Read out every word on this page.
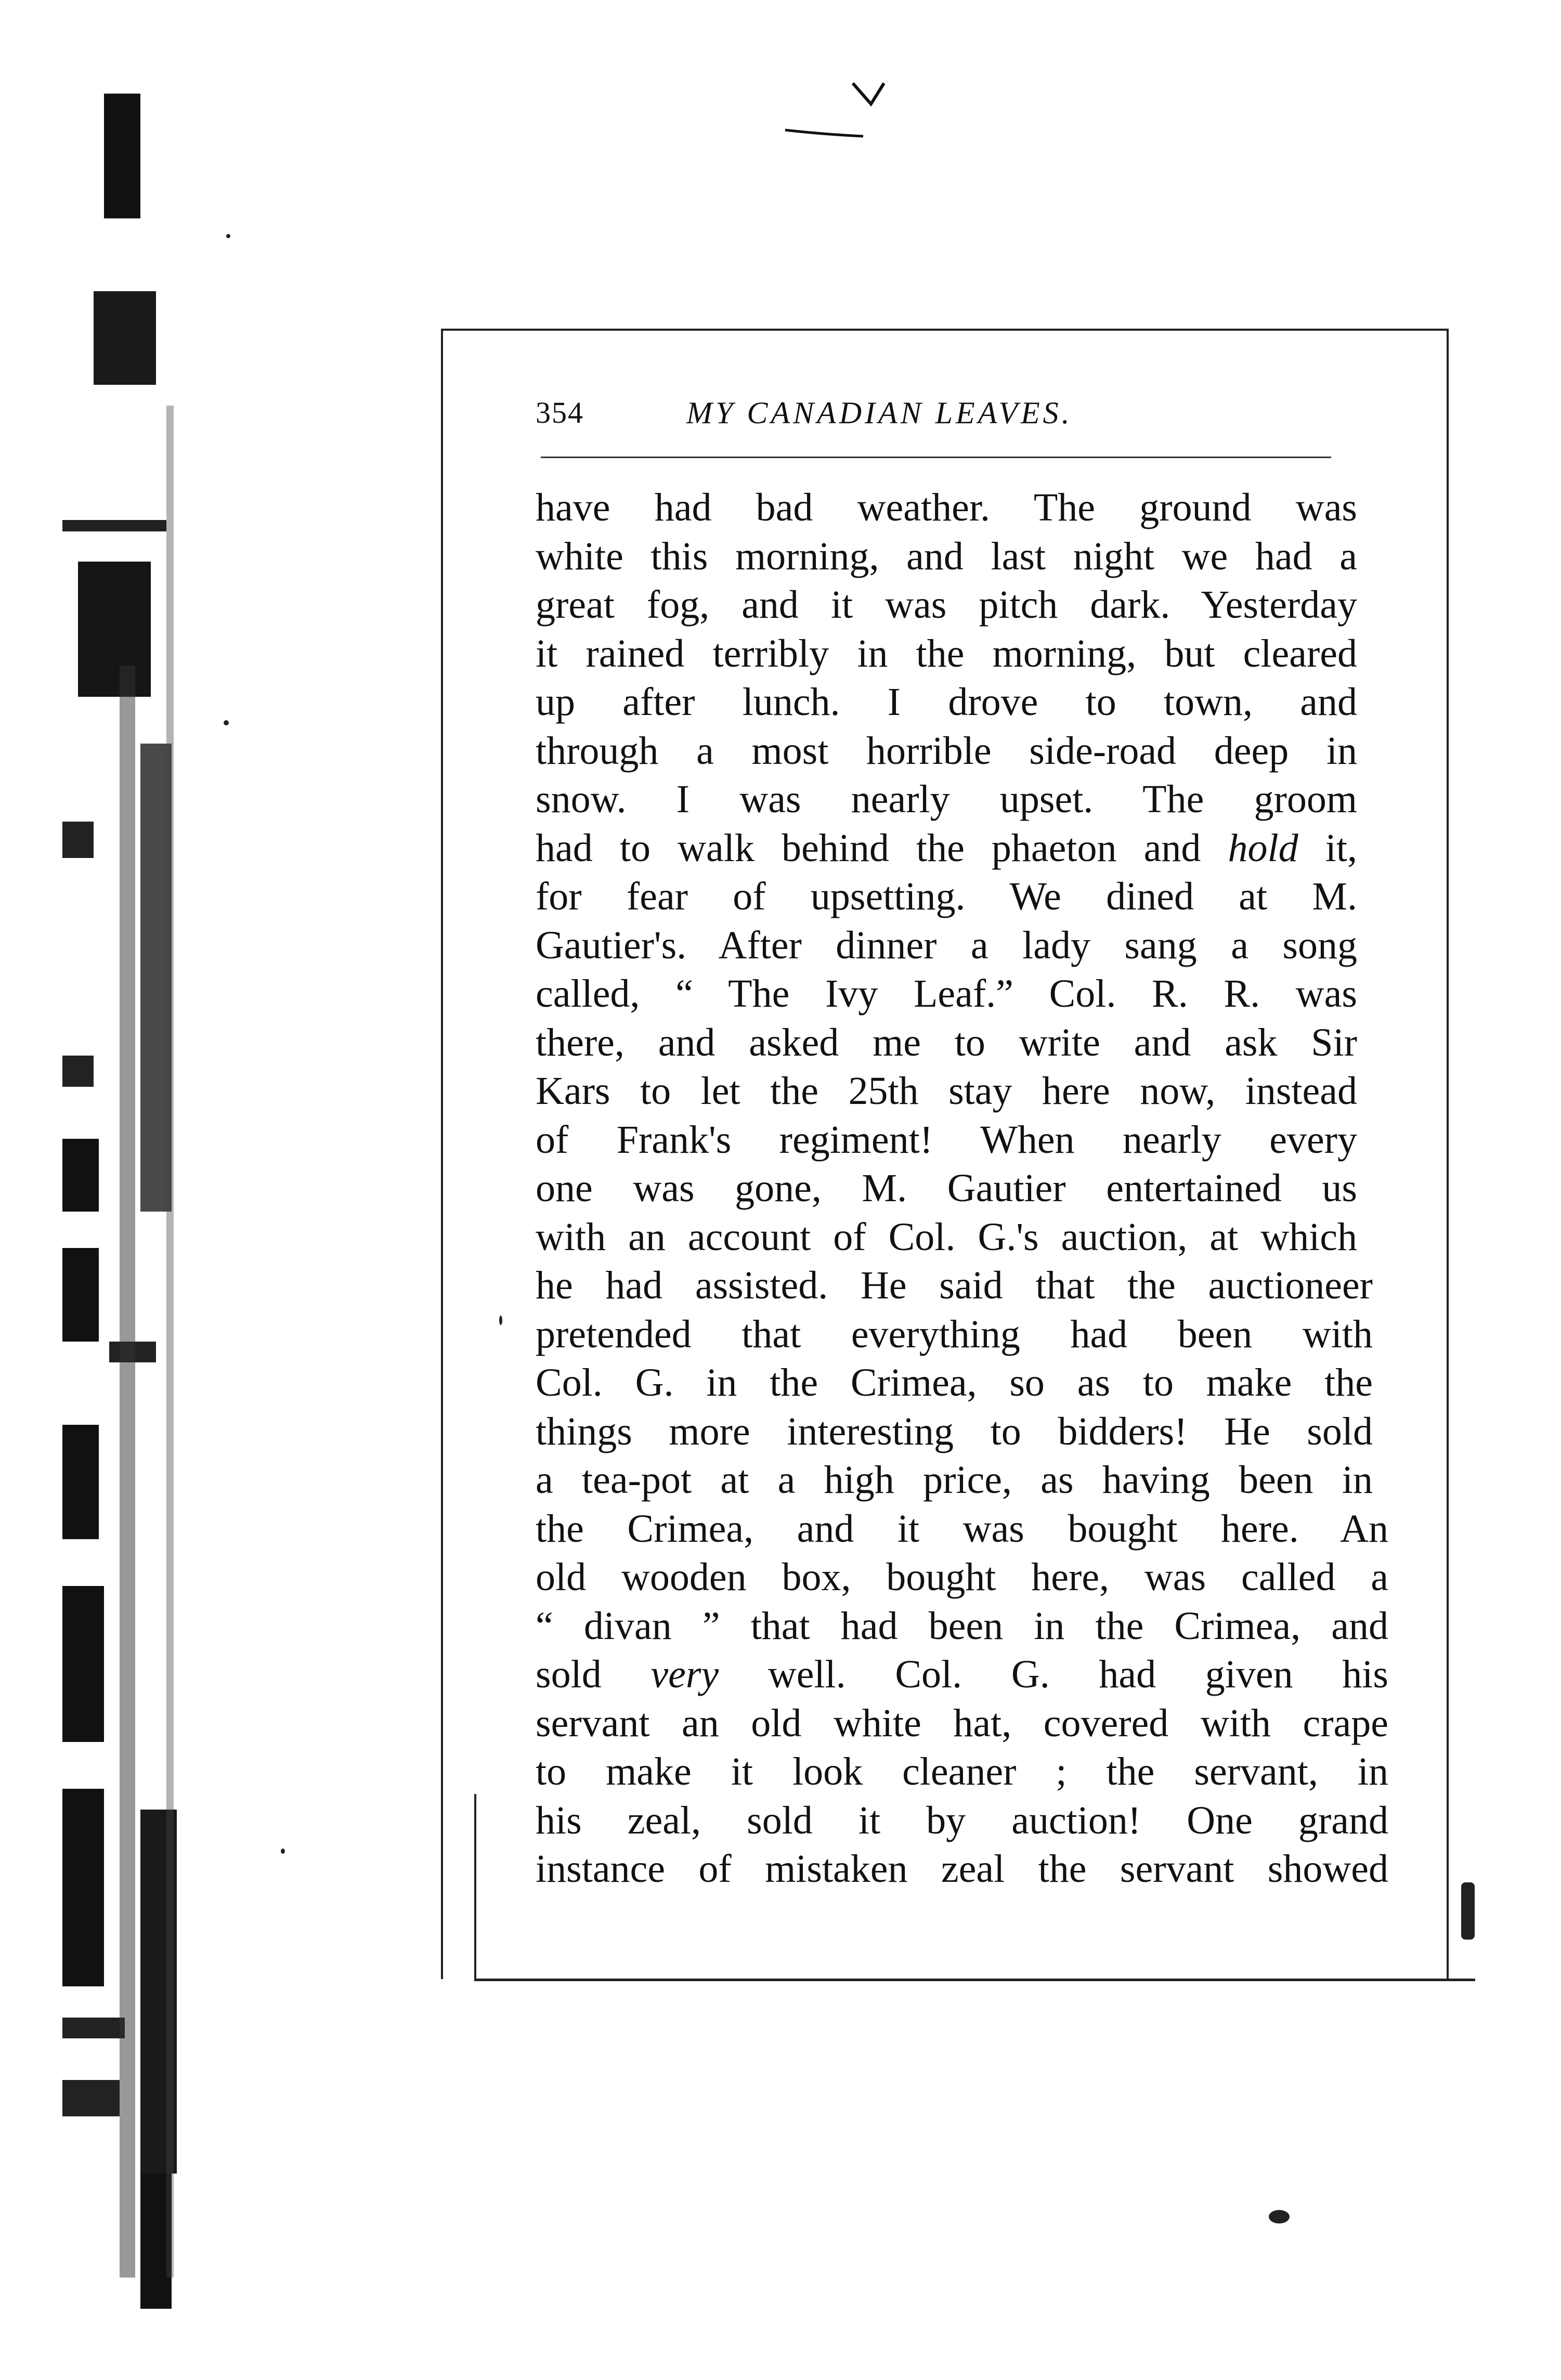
354	MY CANADIAN LEAVES.
have had bad weather. The ground was
white this morning, and last night we had a
great fog, and it was pitch dark. Yesterday
it rained terribly in the morning, but cleared
up after lunch. I drove to town, and
through a most horrible side-road deep in
snow. I was nearly upset. The groom
had to walk behind the phaeton and hold it,
for fear of upsetting. We dined at M.
Gautier's. After dinner a lady sang a song
called, “ The Ivy Leaf.” Col. R. R. was
there, and asked me to write and ask Sir
Kars to let the 25th stay here now, instead
of Frank's regiment! When nearly every
one was gone, M. Gautier entertained us
with an account of Col. G.'s auction, at which
he had assisted. He said that the auctioneer
pretended that everything had been with
Col. G. in the Crimea, so as to make the
things more interesting to bidders! He sold
a tea-pot at a high price, as having been in
the Crimea, and it was bought here. An
old wooden box, bought here, was called a
“ divan ” that had been in the Crimea, and
sold very well. Col. G. had given his
servant an old white hat, covered with crape
to make it look cleaner ; the servant, in
his zeal, sold it by auction! One grand
instance of mistaken zeal the servant showed
